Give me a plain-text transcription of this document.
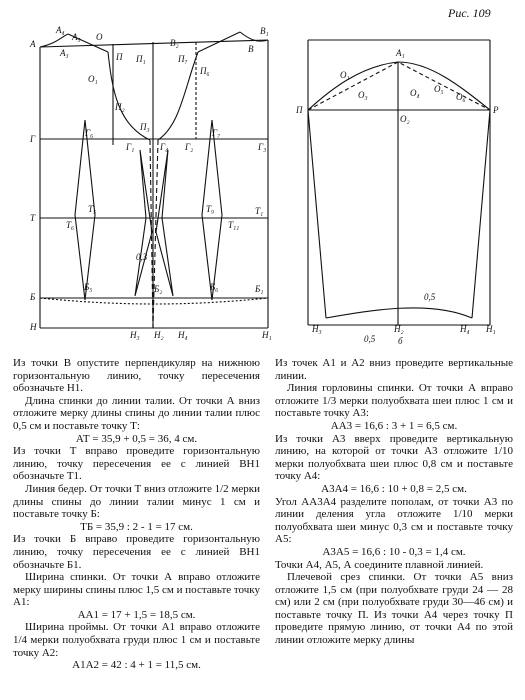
Рис. 109
А
А₄
А₅ О
А₃	П
О₁
П₁
В₂
В₁
В
П₇
П₆
П₂
П₃
Г
Г₆
Г₁	Г₄ Г₂
Г₇
Г₃
Т
Т₅
Т₆
Т₉
Т₁₁
Т₁
0,3
Б
Б₅	Б₆
Б₂	Б₁
Н
Н₃ Н₂ Н₄	Н₁
А₁
О₁
О₃	О₄ О₅
О₆
О₂
П	Р
0,5
Н₃	Н₂	Н₄ Н₁
0,5	б

Из точки В опустите перпендикуляр на нижнюю горизонтальную линию, точку пересечения обозначьте Н1.

Длина спинки до линии талии. От точки А вниз отложите мерку длины спины до линии талии плюс 0,5 см и поставьте точку Т:

АТ = 35,9 + 0,5 = 36, 4 см.

Из точки Т вправо проведите горизонтальную линию, точку пересечения ее с линией ВН1 обозначьте Т1.

Линия бедер. От точки Т вниз отложите 1/2 мерки длины спины до линии талии минус 1 см и поставьте точку Б:

ТБ = 35,9 : 2 - 1 = 17 см.

Из точки Б вправо проведите горизонтальную линию, точку пересечения ее с линией ВН1 обозначьте Б1.

Ширина спинки. От точки А вправо отложите мерку ширины спины плюс 1,5 см и поставьте точку А1:

АА1 = 17 + 1,5 = 18,5 см.

Ширина проймы. От точки А1 вправо отложите 1/4 мерки полуобхвата груди плюс 1 см и поставьте точку А2:

А1А2 = 42 : 4 + 1 = 11,5 см.

Из точек А1 и А2 вниз проведите вертикальные линии.

Линия горловины спинки. От точки А вправо отложите 1/3 мерки полуобхвата шеи плюс 1 см и поставьте точку А3:

АА3 = 16,6 : 3 + 1 = 6,5 см.

Из точки А3 вверх проведите вертикальную линию, на которой от точки А3 отложите 1/10 мерки полуобхвата шеи плюс 0,8 см и поставьте точку А4:

А3А4 = 16,6 : 10 + 0,8 = 2,5 см.

Угол АА3А4 разделите пополам, от точки А3 по линии деления угла отложите 1/10 мерки полуобхвата шеи минус 0,3 см и поставьте точку А5:

А3А5 = 16,6 : 10 - 0,3 = 1,4 см.

Точки А4, А5, А соедините плавной линией.

Плечевой срез спинки. От точки А5 вниз отложите 1,5 см (при полуобхвате груди 24 — 28 см) или 2 см (при полуобхвате груди 30—46 см) и поставьте точку П. Из точки А4 через точку П проведите прямую линию, от точки А4 по этой линии отложите мерку длины
